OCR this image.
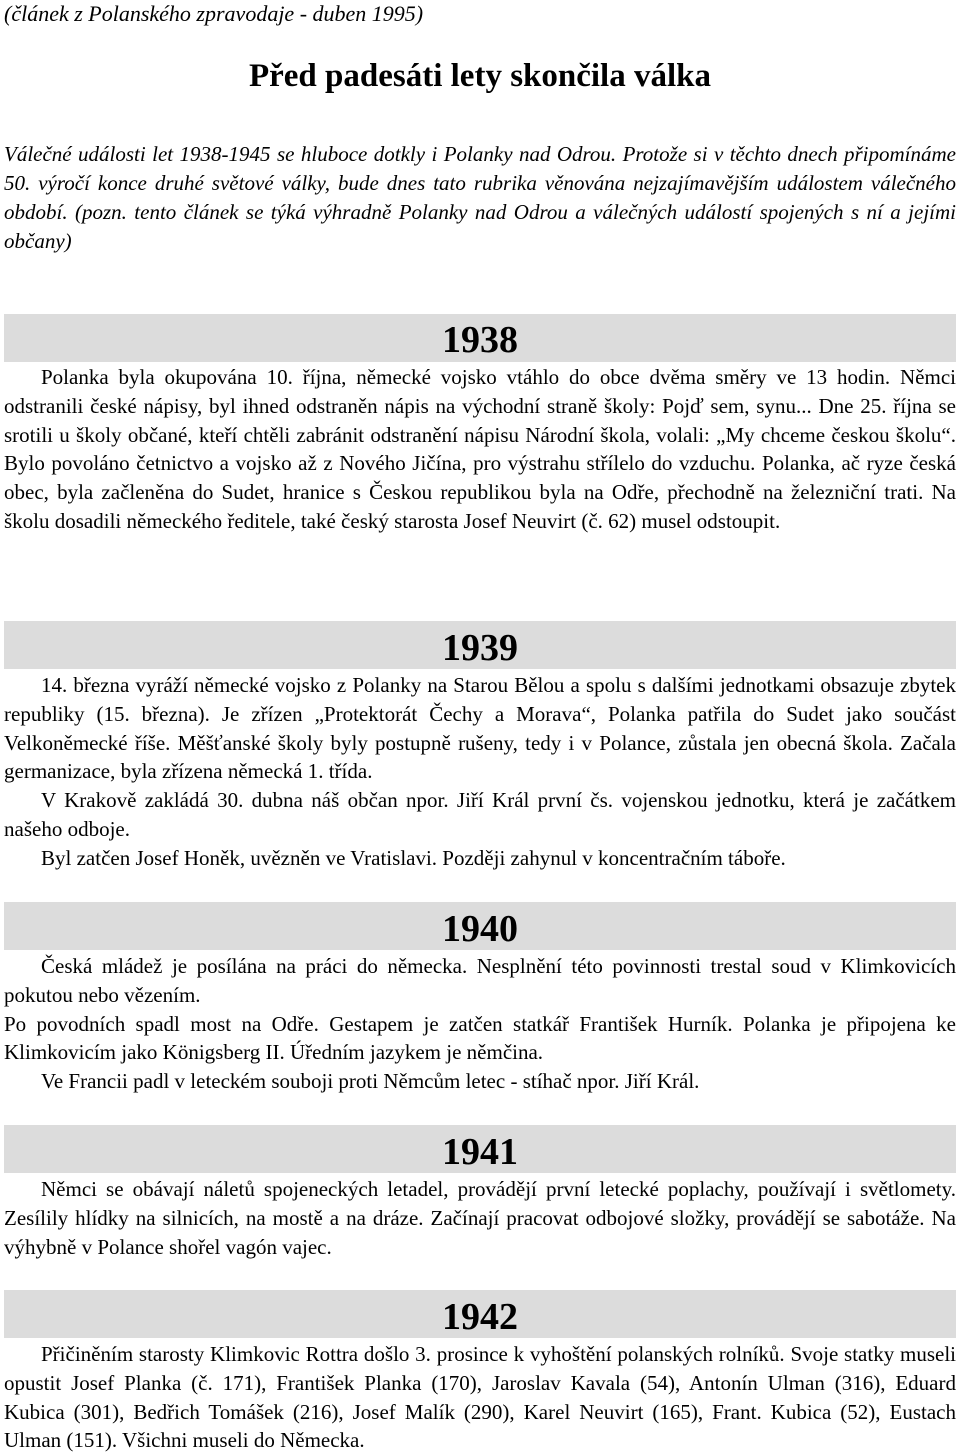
(článek z Polanského zpravodaje - duben 1995)

Před padesáti lety skončila válka

Válečné události let 1938-1945 se hluboce dotkly i Polanky nad Odrou. Protože si v těchto dnech připomínáme 50. výročí konce druhé světové války, bude dnes tato rubrika věnována nejzajímavějším událostem válečného období. (pozn. tento článek se týká výhradně Polanky nad Odrou a válečných událostí spojených s ní a jejími občany)

1938

Polanka byla okupována 10. října, německé vojsko vtáhlo do obce dvěma směry ve 13 hodin. Němci odstranili české nápisy, byl ihned odstraněn nápis na východní straně školy: Pojď sem, synu... Dne 25. října se srotili u školy občané, kteří chtěli zabránit odstranění nápisu Národní škola, volali: „My chceme českou školu“. Bylo povoláno četnictvo a vojsko až z Nového Jičína, pro výstrahu střílelo do vzduchu. Polanka, ač ryze česká obec, byla začleněna do Sudet, hranice s Českou republikou byla na Odře, přechodně na železniční trati. Na školu dosadili německého ředitele, také český starosta Josef Neuvirt (č. 62) musel odstoupit.

1939

14. března vyráží německé vojsko z Polanky na Starou Bělou a spolu s dalšími jednotkami obsazuje zbytek republiky (15. března). Je zřízen „Protektorát Čechy a Morava“, Polanka patřila do Sudet jako součást Velkoněmecké říše. Měšťanské školy byly postupně rušeny, tedy i v Polance, zůstala jen obecná škola. Začala germanizace, byla zřízena německá 1. třída.

V Krakově zakládá 30. dubna náš občan npor. Jiří Král první čs. vojenskou jednotku, která je začátkem našeho odboje.

Byl zatčen Josef Honěk, uvězněn ve Vratislavi. Později zahynul v koncentračním táboře.

1940

Česká mládež je posílána na práci do německa. Nesplnění této povinnosti trestal soud v Klimkovicích pokutou nebo vězením.

Po povodních spadl most na Odře. Gestapem je zatčen statkář František Hurník. Polanka je připojena ke Klimkovicím jako Königsberg II. Úředním jazykem je němčina.

Ve Francii padl v leteckém souboji proti Němcům letec - stíhač npor. Jiří Král.

1941

Němci se obávají náletů spojeneckých letadel, provádějí první letecké poplachy, používají i světlomety. Zesílily hlídky na silnicích, na mostě a na dráze. Začínají pracovat odbojové složky, provádějí se sabotáže. Na výhybně v Polance shořel vagón vajec.

1942

Přičiněním starosty Klimkovic Rottra došlo 3. prosince k vyhoštění polanských rolníků. Svoje statky museli opustit Josef Planka (č. 171), František Planka (170), Jaroslav Kavala (54), Antonín Ulman (316), Eduard Kubica (301), Bedřich Tomášek (216), Josef Malík (290), Karel Neuvirt (165), Frant. Kubica (52), Eustach Ulman (151). Všichni museli do Německa.
